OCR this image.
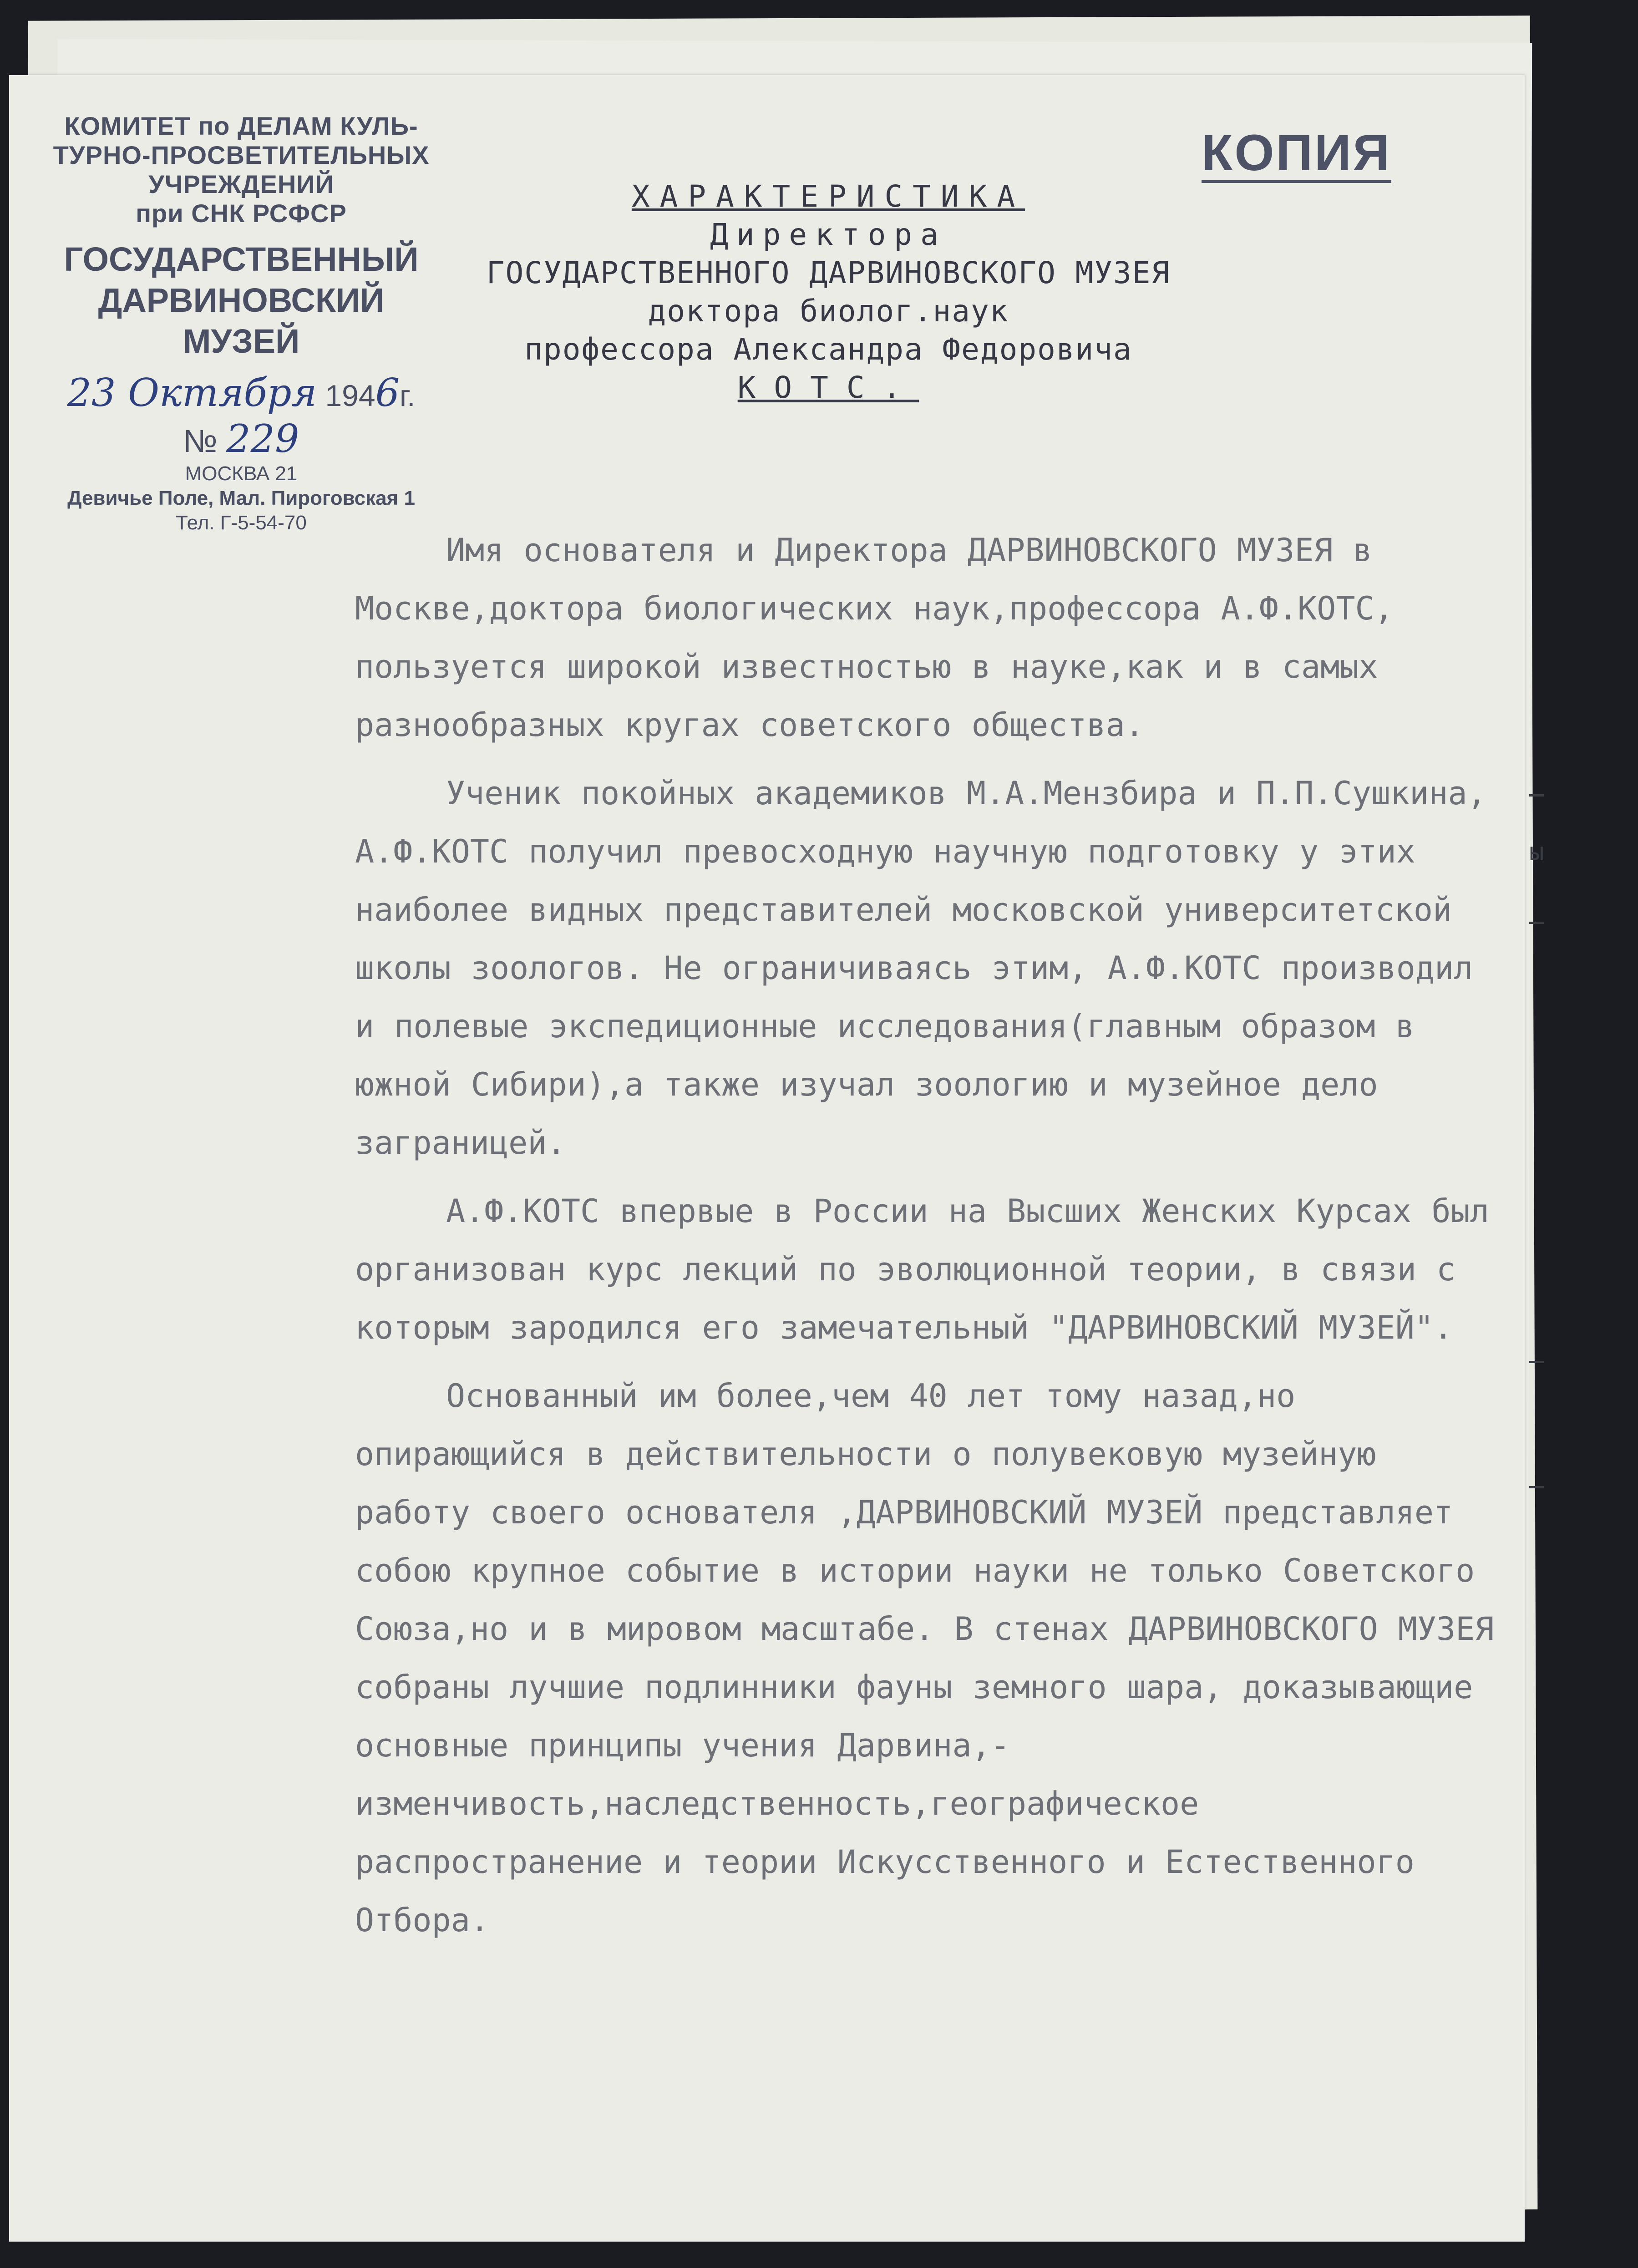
КОМИТЕТ по ДЕЛАМ КУЛЬ-
ТУРНО-ПРОСВЕТИТЕЛЬНЫХ
УЧРЕЖДЕНИЙ
при СНК РСФСР
ГОСУДАРСТВЕННЫЙ
ДАРВИНОВСКИЙ МУЗЕЙ
23 Октября 1946г.
№ 229
МОСКВА 21
Девичье Поле, Мал. Пироговская 1
Тел. Г-5-54-70
КОПИЯ
ХАРАКТЕРИСТИКА
Директора
ГОСУДАРСТВЕННОГО ДАРВИНОВСКОГО МУЗЕЯ
доктора биолог.наук
профессора Александра Федоровича
КОТС.

Имя основателя и Директора ДАРВИНОВСКОГО МУЗЕЯ в Москве,доктора биологических наук,профессора А.Ф.КОТС, пользуется широкой известностью в науке,как и в самых разнообразных кругах советского общества.

Ученик покойных академиков М.А.Мензбира и П.П.Сушкина, А.Ф.КОТС получил превосходную научную подготовку у этих наиболее видных представителей московской университетской школы зоологов. Не ограничиваясь этим, А.Ф.КОТС производил и полевые экспедиционные исследования(главным образом в южной Сибири),а также изучал зоологию и музейное дело заграницей.

А.Ф.КОТС впервые в России на Высших Женских Курсах был организован курс лекций по эволюционной теории, в связи с которым зародился его замечательный "ДАРВИНОВСКИЙ МУЗЕЙ".

Основанный им более,чем 40 лет тому назад,но опирающийся в действительности о полувековую музейную работу своего основателя ,ДАРВИНОВСКИЙ МУЗЕЙ представляет собою крупное событие в истории науки не только Советского Союза,но и в мировом масштабе. В стенах ДАРВИНОВСКОГО МУЗЕЯ собраны лучшие подлинники фауны земного шара, доказывающие основные принципы учения Дарвина,-изменчивость,наследственность,географическое распространение и теории Искусственного и Естественного Отбора.

ы
